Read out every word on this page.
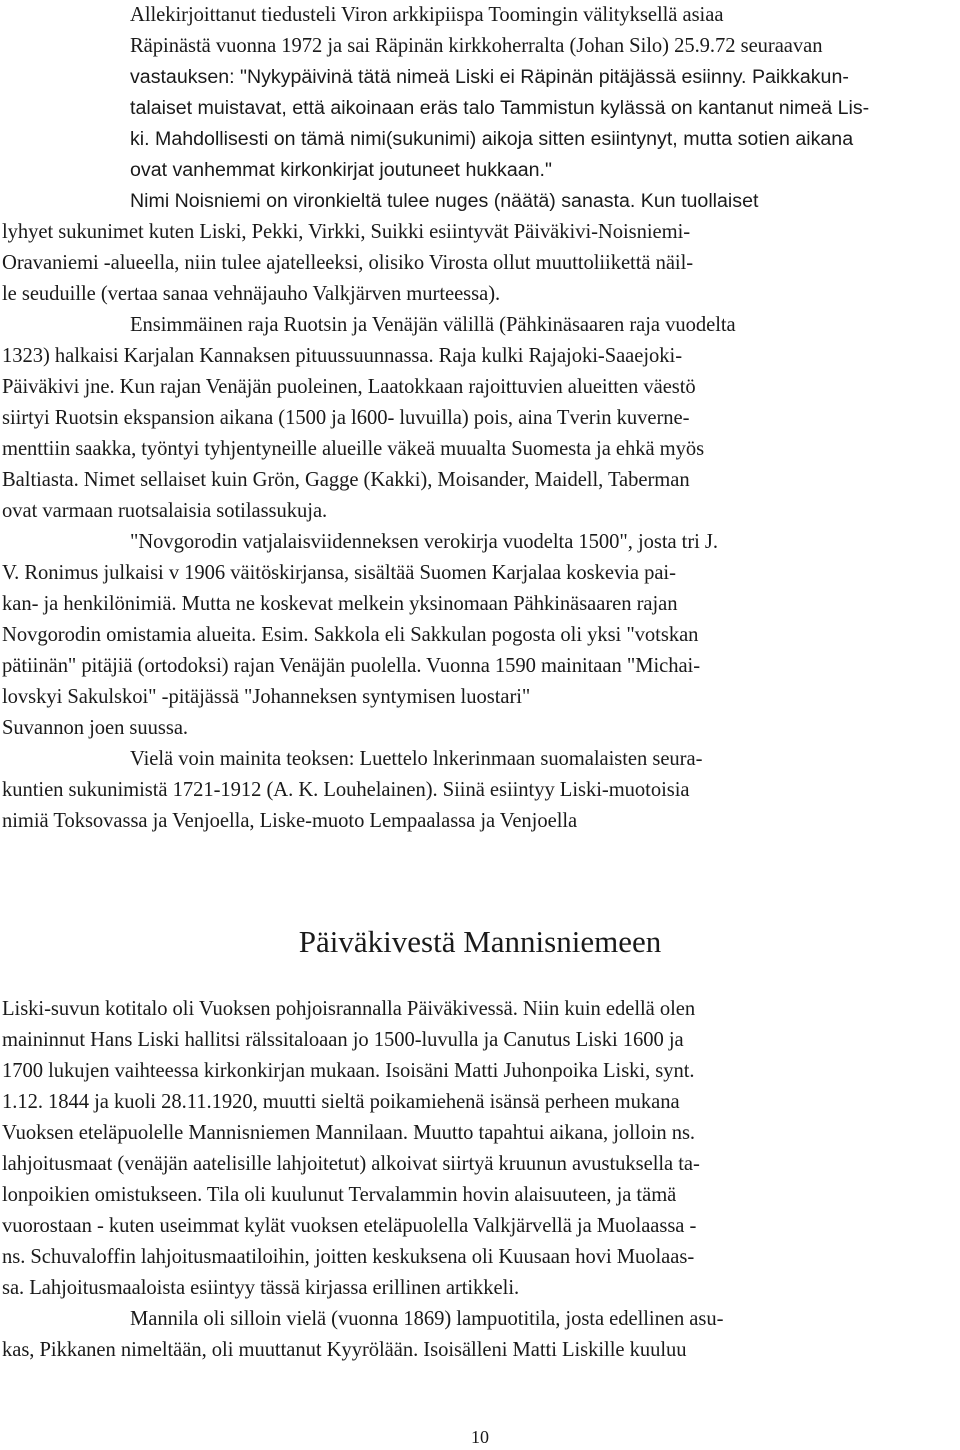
Allekirjoittanut tiedusteli Viron arkkipiispa Toomingin välityksellä asiaa
Räpinästä vuonna 1972 ja sai Räpinän kirkkoherralta (Johan Silo) 25.9.72 seuraavan
vastauksen: "Nykypäivinä tätä nimeä Liski ei Räpinän pitäjässä esiinny. Paikkakun-
talaiset muistavat, että aikoinaan eräs talo Tammistun kylässä on kantanut nimeä Lis-
ki. Mahdollisesti on tämä nimi(sukunimi) aikoja sitten esiintynyt, mutta sotien aikana
ovat vanhemmat kirkonkirjat joutuneet hukkaan."

Nimi Noisniemi on vironkieltä tulee nuges (näätä) sanasta. Kun tuollaiset
lyhyet sukunimet kuten Liski, Pekki, Virkki, Suikki esiintyvät Päiväkivi-Noisniemi-
Oravaniemi -alueella, niin tulee ajatelleeksi, olisiko Virosta ollut muuttoliikettä näil-
le seuduille (vertaa sanaa vehnäjauho Valkjärven murteessa).

Ensimmäinen raja Ruotsin ja Venäjän välillä (Pähkinäsaaren raja vuodelta
1323) halkaisi Karjalan Kannaksen pituussuunnassa. Raja kulki Rajajoki-Saaejoki-
Päiväkivi jne. Kun rajan Venäjän puoleinen, Laatokkaan rajoittuvien alueitten väestö
siirtyi Ruotsin ekspansion aikana (1500 ja l600- luvuilla) pois, aina Tverin kuverne-
menttiin saakka, työntyi tyhjentyneille alueille väkeä muualta Suomesta ja ehkä myös
Baltiasta. Nimet sellaiset kuin Grön, Gagge (Kakki), Moisander, Maidell, Taberman
ovat varmaan ruotsalaisia sotilassukuja.

"Novgorodin vatjalaisviidenneksen verokirja vuodelta 1500", josta tri J.
V. Ronimus julkaisi v 1906 väitöskirjansa, sisältää Suomen Karjalaa koskevia pai-
kan- ja henkilönimiä. Mutta ne koskevat melkein yksinomaan Pähkinäsaaren rajan
Novgorodin omistamia alueita. Esim. Sakkola eli Sakkulan pogosta oli yksi "votskan
pätiinän" pitäjiä (ortodoksi) rajan Venäjän puolella. Vuonna 1590 mainitaan "Michai-
lovskyi Sakulskoi" -pitäjässä "Johanneksen syntymisen luostari"
Suvannon joen suussa.

Vielä voin mainita teoksen: Luettelo lnkerinmaan suomalaisten seura-
kuntien sukunimistä 1721-1912 (A. K. Louhelainen). Siinä esiintyy Liski-muotoisia
nimiä Toksovassa ja Venjoella, Liske-muoto Lempaalassa ja Venjoella

Päiväkivestä Mannisniemeen

Liski-suvun kotitalo oli Vuoksen pohjoisrannalla Päiväkivessä. Niin kuin edellä olen
maininnut Hans Liski hallitsi rälssitaloaan jo 1500-luvulla ja Canutus Liski 1600 ja
1700 lukujen vaihteessa kirkonkirjan mukaan. Isoisäni Matti Juhonpoika Liski, synt.
1.12. 1844 ja kuoli 28.11.1920, muutti sieltä poikamiehenä isänsä perheen mukana
Vuoksen eteläpuolelle Mannisniemen Mannilaan. Muutto tapahtui aikana, jolloin ns.
lahjoitusmaat (venäjän aatelisille lahjoitetut) alkoivat siirtyä kruunun avustuksella ta-
lonpoikien omistukseen. Tila oli kuulunut Tervalammin hovin alaisuuteen, ja tämä
vuorostaan - kuten useimmat kylät vuoksen eteläpuolella Valkjärvellä ja Muolaassa -
ns. Schuvaloffin lahjoitusmaatiloihin, joitten keskuksena oli Kuusaan hovi Muolaas-
sa. Lahjoitusmaaloista esiintyy tässä kirjassa erillinen artikkeli.

Mannila oli silloin vielä (vuonna 1869) lampuotitila, josta edellinen asu-
kas, Pikkanen nimeltään, oli muuttanut Kyyrölään. Isoisälleni Matti Liskille kuuluu

10
